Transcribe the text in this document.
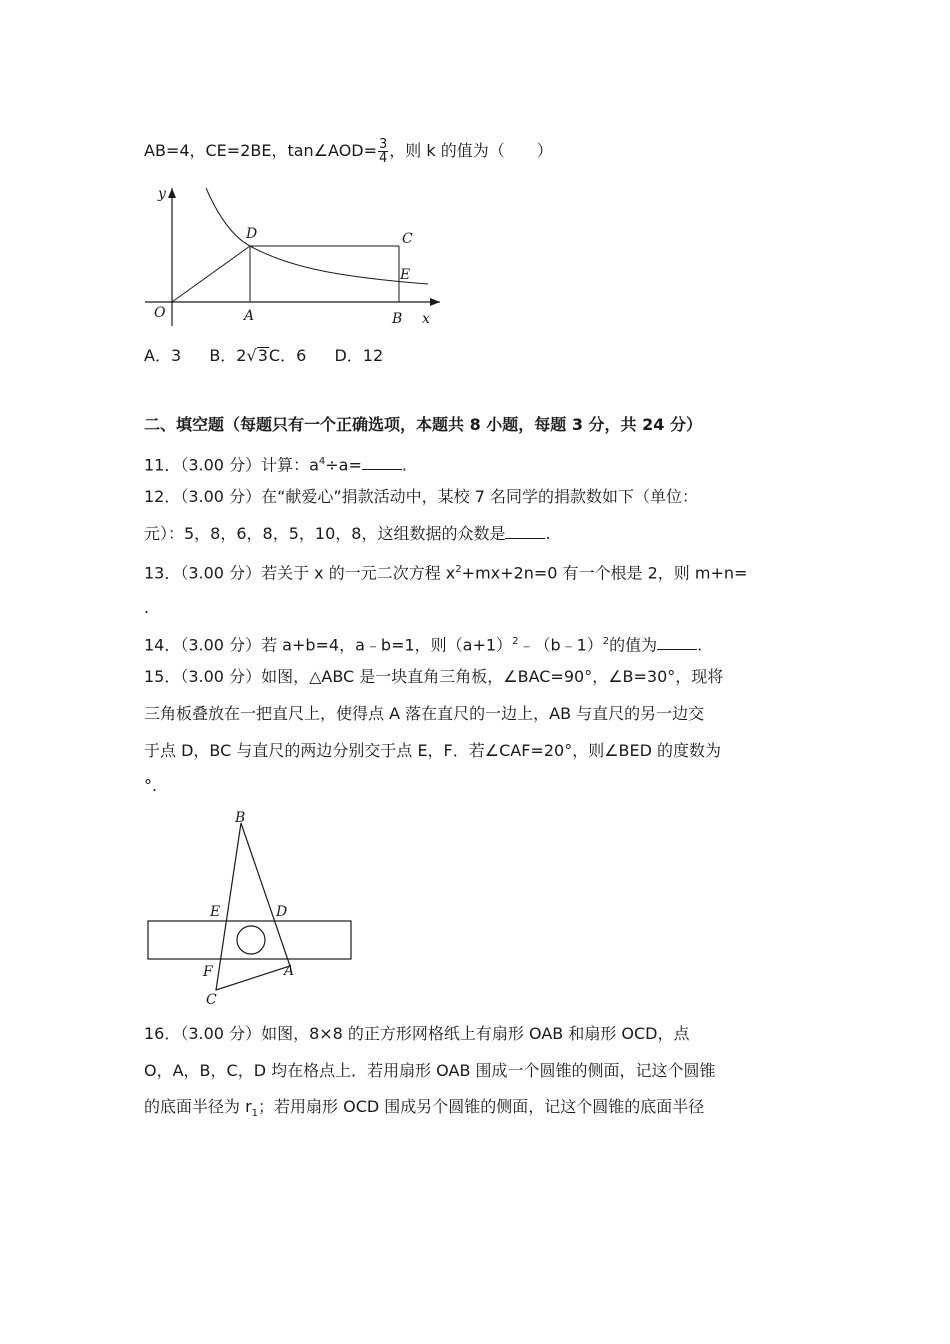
AB=4，CE=2BE，tan∠AOD= $\frac{3}{4}$ ，则 k 的值为（　　）
y
O	A	B x
D	C
E
A．3 B．2√3C．6 D．12
二、填空题（每题只有一个正确选项，本题共 8 小题，每题 3 分，共 24 分）
11．（3.00 分）计算：$a^4\div a=$	.
12．（3.00 分）在“献爱心”捐款活动中，某校 7 名同学的捐款数如下（单位：
元）：5，8，6，8，5，10，8，这组数据的众数是	.
13．（3.00 分）若关于 x 的一元二次方程 $x^2+mx+2n=0$ 有一个根是 2，则 m+n=
.
14．（3.00 分）若 a+b=4，a﹣b=1，则$(a+1)^2﹣(b﹣1)^2$的值为	.
15．（3.00 分）如图，△ABC 是一块直角三角板，∠BAC=90°，∠B=30°，现将
三角板叠放在一把直尺上，使得点 A 落在直尺的一边上，AB 与直尺的另一边交
于点 D，BC 与直尺的两边分别交于点 E，F．若∠CAF=20°，则∠BED 的度数为
°.
B
E	D
F	A
C
16．（3.00 分）如图，8×8 的正方形网格纸上有扇形 OAB 和扇形 OCD，点
O，A，B，C，D 均在格点上．若用扇形 OAB 围成一个圆锥的侧面，记这个圆锥
的底面半径为 $r_1$；若用扇形 OCD 围成另个圆锥的侧面，记这个圆锥的底面半径
